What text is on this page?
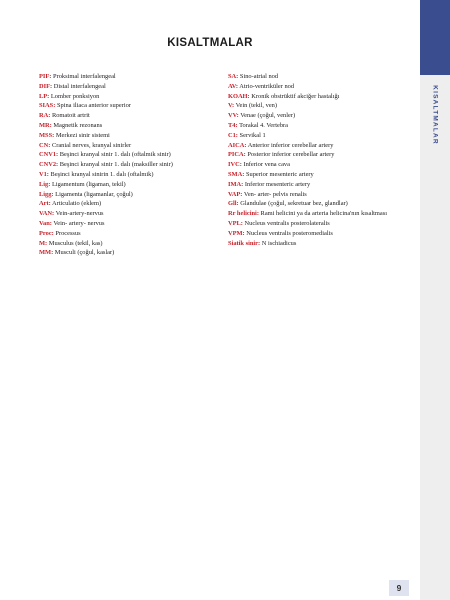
KISALTMALAR
KISALTMALAR
PIF: Proksimal interfalengeal
DIF: Distal interfalengeal
LP: Lomber ponksiyon
SIAS: Spina iliaca anterior superior
RA: Romatoit artrit
MR: Magnetik rezonans
MSS: Merkezi sinir sistemi
CN: Cranial nerves, kranyal sinirler
CNV1: Beşinci kranyal sinir 1. dalı (oftalmik sinir)
CNV2: Beşinci kranyal sinir 1. dalı (maksiller sinir)
V1: Beşinci kranyal sinirin 1. dalı (oftalmik)
Lig: Ligamentum (ligaman, tekil)
Ligg: Ligamenta (ligamanlar, çoğul)
Art: Articulatio (eklem)
VAN: Vein-artery-nervus
Van: Vein- artery- nervus
Proc: Processus
M: Musculus (tekil, kas)
MM: Musculi (çoğul, kaslar)
SA: Sino-atrial nod
AV: Atrio-ventriküler nod
KOAH: Kronik obstrüktif akciğer hastalığı
V: Vein (tekil, ven)
VV: Venae (çoğul, venler)
T4: Torakal 4. Vertebra
C1: Servikal 1
AICA: Anterior inferior cerebellar artery
PICA: Posterior inferior cerebellar artery
IVC: Inferior vena cava
SMA: Superior mesenteric artery
IMA: Inferior mesenteric artery
VAP: Ven- arter- pelvis renalis
Gll: Glandulae (çoğul, sekretuar bez, glandlar)
Rr helicini: Rami helicini ya da arteria helicina'nın kısaltması
VPL: Nucleus ventralis posterolateralis
VPM: Nucleus ventralis posteromedialis
Siatik sinir: N ischiadicus
9
